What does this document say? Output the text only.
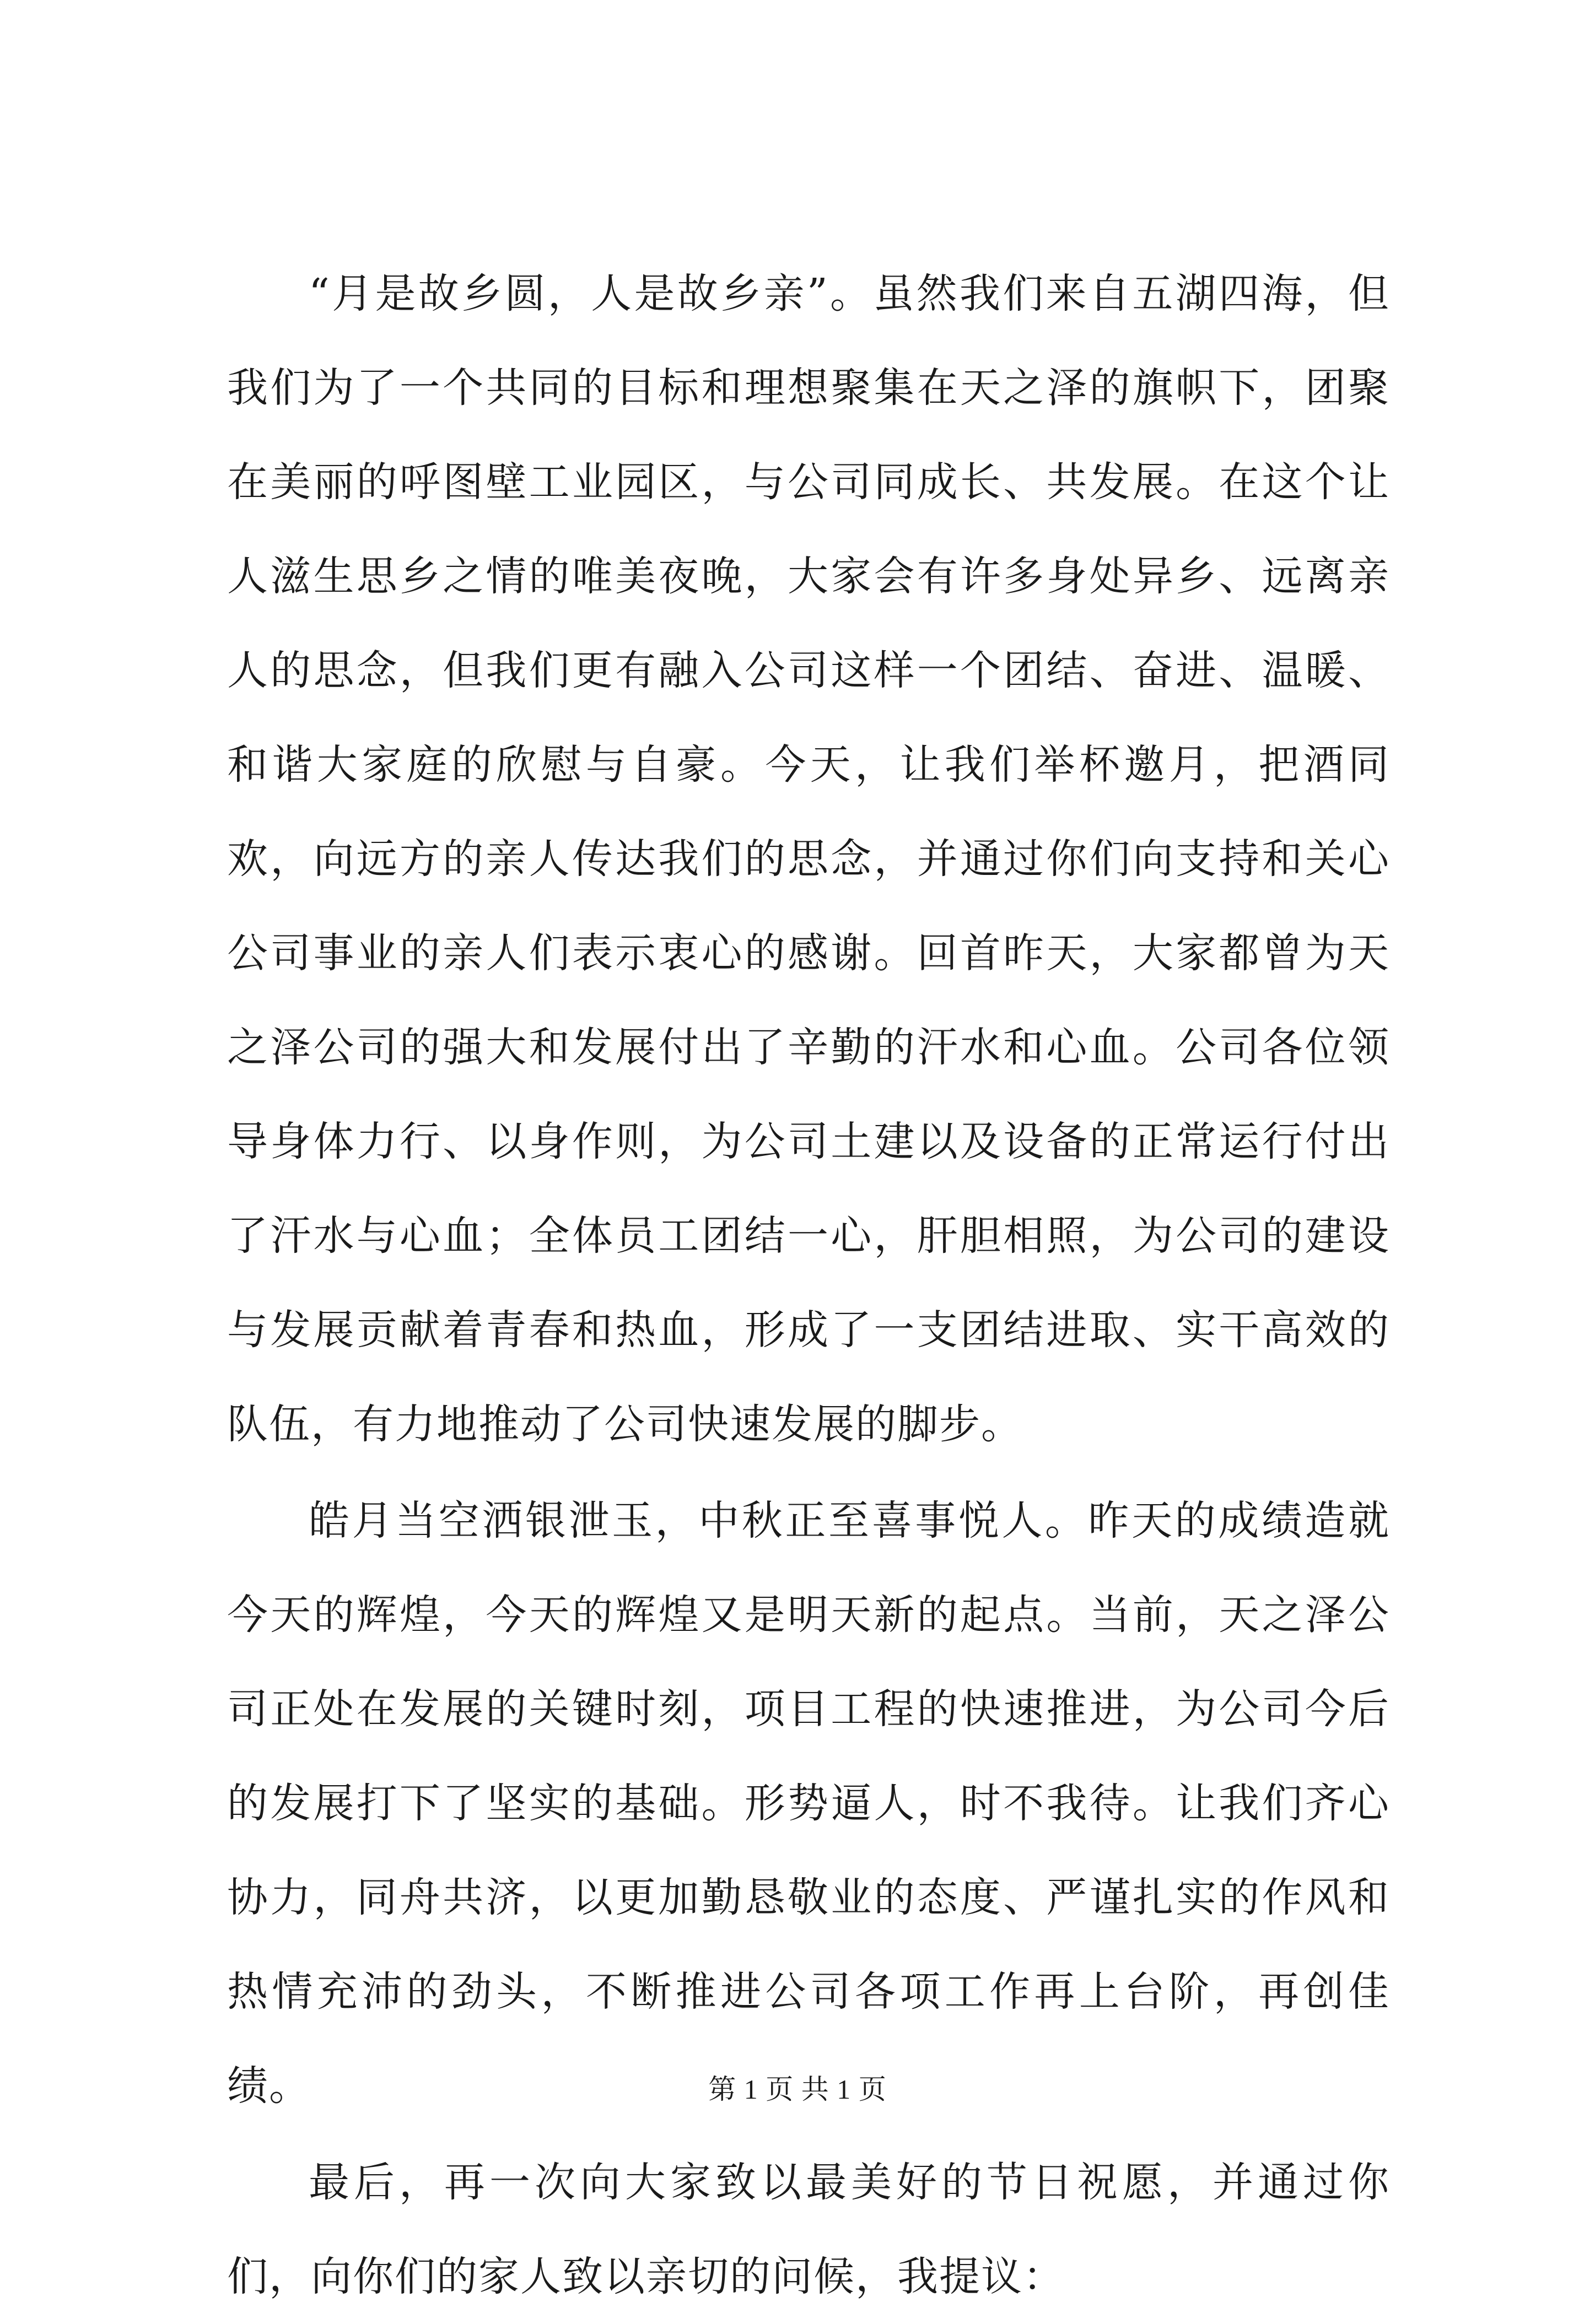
“月是故乡圆，人是故乡亲”。虽然我们来自五湖四海，但我们为了一个共同的目标和理想聚集在天之泽的旗帜下，团聚在美丽的呼图壁工业园区，与公司同成长、共发展。在这个让人滋生思乡之情的唯美夜晚，大家会有许多身处异乡、远离亲人的思念，但我们更有融入公司这样一个团结、奋进、温暖、和谐大家庭的欣慰与自豪。今天，让我们举杯邀月，把酒同欢，向远方的亲人传达我们的思念，并通过你们向支持和关心公司事业的亲人们表示衷心的感谢。回首昨天，大家都曾为天之泽公司的强大和发展付出了辛勤的汗水和心血。公司各位领导身体力行、以身作则，为公司土建以及设备的正常运行付出了汗水与心血；全体员工团结一心，肝胆相照，为公司的建设与发展贡献着青春和热血，形成了一支团结进取、实干高效的队伍，有力地推动了公司快速发展的脚步。

皓月当空洒银泄玉，中秋正至喜事悦人。昨天的成绩造就今天的辉煌，今天的辉煌又是明天新的起点。当前，天之泽公司正处在发展的关键时刻，项目工程的快速推进，为公司今后的发展打下了坚实的基础。形势逼人，时不我待。让我们齐心协力，同舟共济，以更加勤恳敬业的态度、严谨扎实的作风和热情充沛的劲头，不断推进公司各项工作再上台阶，再创佳绩。

最后，再一次向大家致以最美好的节日祝愿，并通过你们，向你们的家人致以亲切的问候，我提议：

第 1 页 共 1 页
